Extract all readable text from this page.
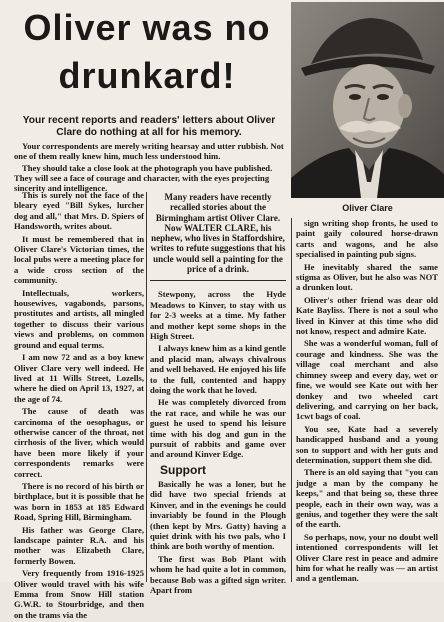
Oliver was no
drunkard!
Oliver Clare
Your recent reports and readers' letters about Oliver Clare do nothing at all for his memory.

Your correspondents are merely writing hearsay and utter rubbish. Not one of them really knew him, much less understood him.

They should take a close look at the photograph you have published. They will see a face of courage and character, with the eyes projecting sincerity and intelligence.

This is surely not the face of the bleary eyed "Bill Sykes, lurcher dog and all," that Mrs. D. Spiers of Handsworth, writes about.

It must be remembered that in Oliver Clare's Victorian times, the local pubs were a meeting place for a wide cross section of the community.

Intellectuals, workers, housewives, vagabonds, parsons, prostitutes and artists, all mingled together to discuss their various views and problems, on common ground and equal terms.

I am now 72 and as a boy knew Oliver Clare very well indeed. He lived at 11 Wills Street, Lozells, where he died on April 13, 1927, at the age of 74.

The cause of death was carcinoma of the oesophagus, or otherwise cancer of the throat, not cirrhosis of the liver, which would have been more likely if your correspondents remarks were correct.

There is no record of his birth or birthplace, but it is possible that he was born in 1853 at 185 Edward Road, Spring Hill, Birmingham.

His father was George Clare, landscape painter R.A. and his mother was Elizabeth Clare, formerly Bowen.

Very frequently from 1916-1925 Oliver would travel with his wife Emma from Snow Hill station G.W.R. to Stourbridge, and then on the trams via the

Many readers have recently recalled stories about the Birmingham artist Oliver Clare. Now WALTER CLARE, his nephew, who lives in Staffordshire, writes to refute suggestions that his uncle would sell a painting for the price of a drink.

Stewpony, across the Hyde Meadows to Kinver, to stay with us for 2-3 weeks at a time. My father and mother kept some shops in the High Street.

I always knew him as a kind gentle and placid man, always chivalrous and well behaved. He enjoyed his life to the full, contented and happy doing the work that he loved.

He was completely divorced from the rat race, and while he was our guest he used to spend his leisure time with his dog and gun in the pursuit of rabbits and game over and around Kinver Edge.

Support

Basically he was a loner, but he did have two special friends at Kinver, and in the evenings he could invariably be found in the Plough (then kept by Mrs. Gatty) having a quiet drink with his two pals, who I think are both worthy of mention.

The first was Bob Plant with whom he had quite a lot in common, because Bob was a gifted sign writer. Apart from

sign writing shop fronts, he used to paint gaily coloured horse-drawn carts and wagons, and he also specialised in painting pub signs.

He inevitably shared the same stigma as Oliver, but he also was NOT a drunken lout.

Oliver's other friend was dear old Kate Bayliss. There is not a soul who lived in Kinver at this time who did not know, respect and admire Kate.

She was a wonderful woman, full of courage and kindness. She was the village coal merchant and also chimney sweep and every day, wet or fine, we would see Kate out with her donkey and two wheeled cart delivering, and carrying on her back, 1cwt bags of coal.

You see, Kate had a severely handicapped husband and a young son to support and with her guts and determination, support them she did.

There is an old saying that "you can judge a man by the company he keeps," and that being so, these three people, each in their own way, was a genius, and together they were the salt of the earth.

So perhaps, now, your no doubt well intentioned correspondents will let Oliver Clare rest in peace and admire him for what he really was — an artist and a gentleman.
